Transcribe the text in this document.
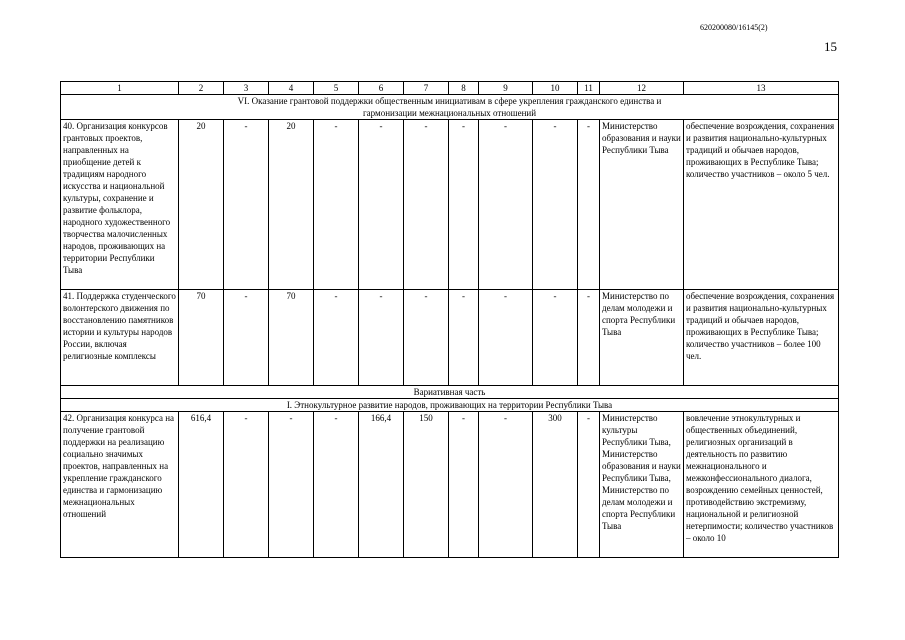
620200080/16145(2)
15
1	2	3	4	5	6	7	8	9	10	11	12	13
VI. Оказание грантовой поддержки общественным инициативам в сфере укрепления гражданского единства и гармонизации межнациональных отношений												
40. Организация конкурсов грантовых проектов, направленных на приобщение детей к традициям народного искусства и национальной культуры, сохранение и развитие фольклора, народного художественного творчества малочисленных народов, проживающих на территории Республики Тыва	20	-	20	-	-	-	-	-	-	-	Министерство образования и науки Республики Тыва	обеспечение возрождения, сохранения и развития национально-культурных традиций и обычаев народов, проживающих в Республике Тыва; количество участников – около 5 чел.
41. Поддержка студенческого волонтерского движения по восстановлению памятников истории и культуры народов России, включая религиозные комплексы	70	-	70	-	-	-	-	-	-	-	Министерство по делам молодежи и спорта Республики Тыва	обеспечение возрождения, сохранения и развития национально-культурных традиций и обычаев народов, проживающих в Республике Тыва; количество участников – более 100 чел.
Вариативная часть												
I. Этнокультурное развитие народов, проживающих на территории Республики Тыва												
42. Организация конкурса на получение грантовой поддержки на реализацию социально значимых проектов, направленных на укрепление гражданского единства и гармонизацию межнациональных отношений	616,4	-	-	-	166,4	150	-	-	300	-	Министерство культуры Республики Тыва, Министерство образования и науки Республики Тыва, Министерство по делам молодежи и спорта Республики Тыва	вовлечение этнокультурных и общественных объединений, религиозных организаций в деятельность по развитию межнационального и межконфессионального диалога, возрождению семейных ценностей, противодействию экстремизму, национальной и религиозной нетерпимости; количество участников – около 10
